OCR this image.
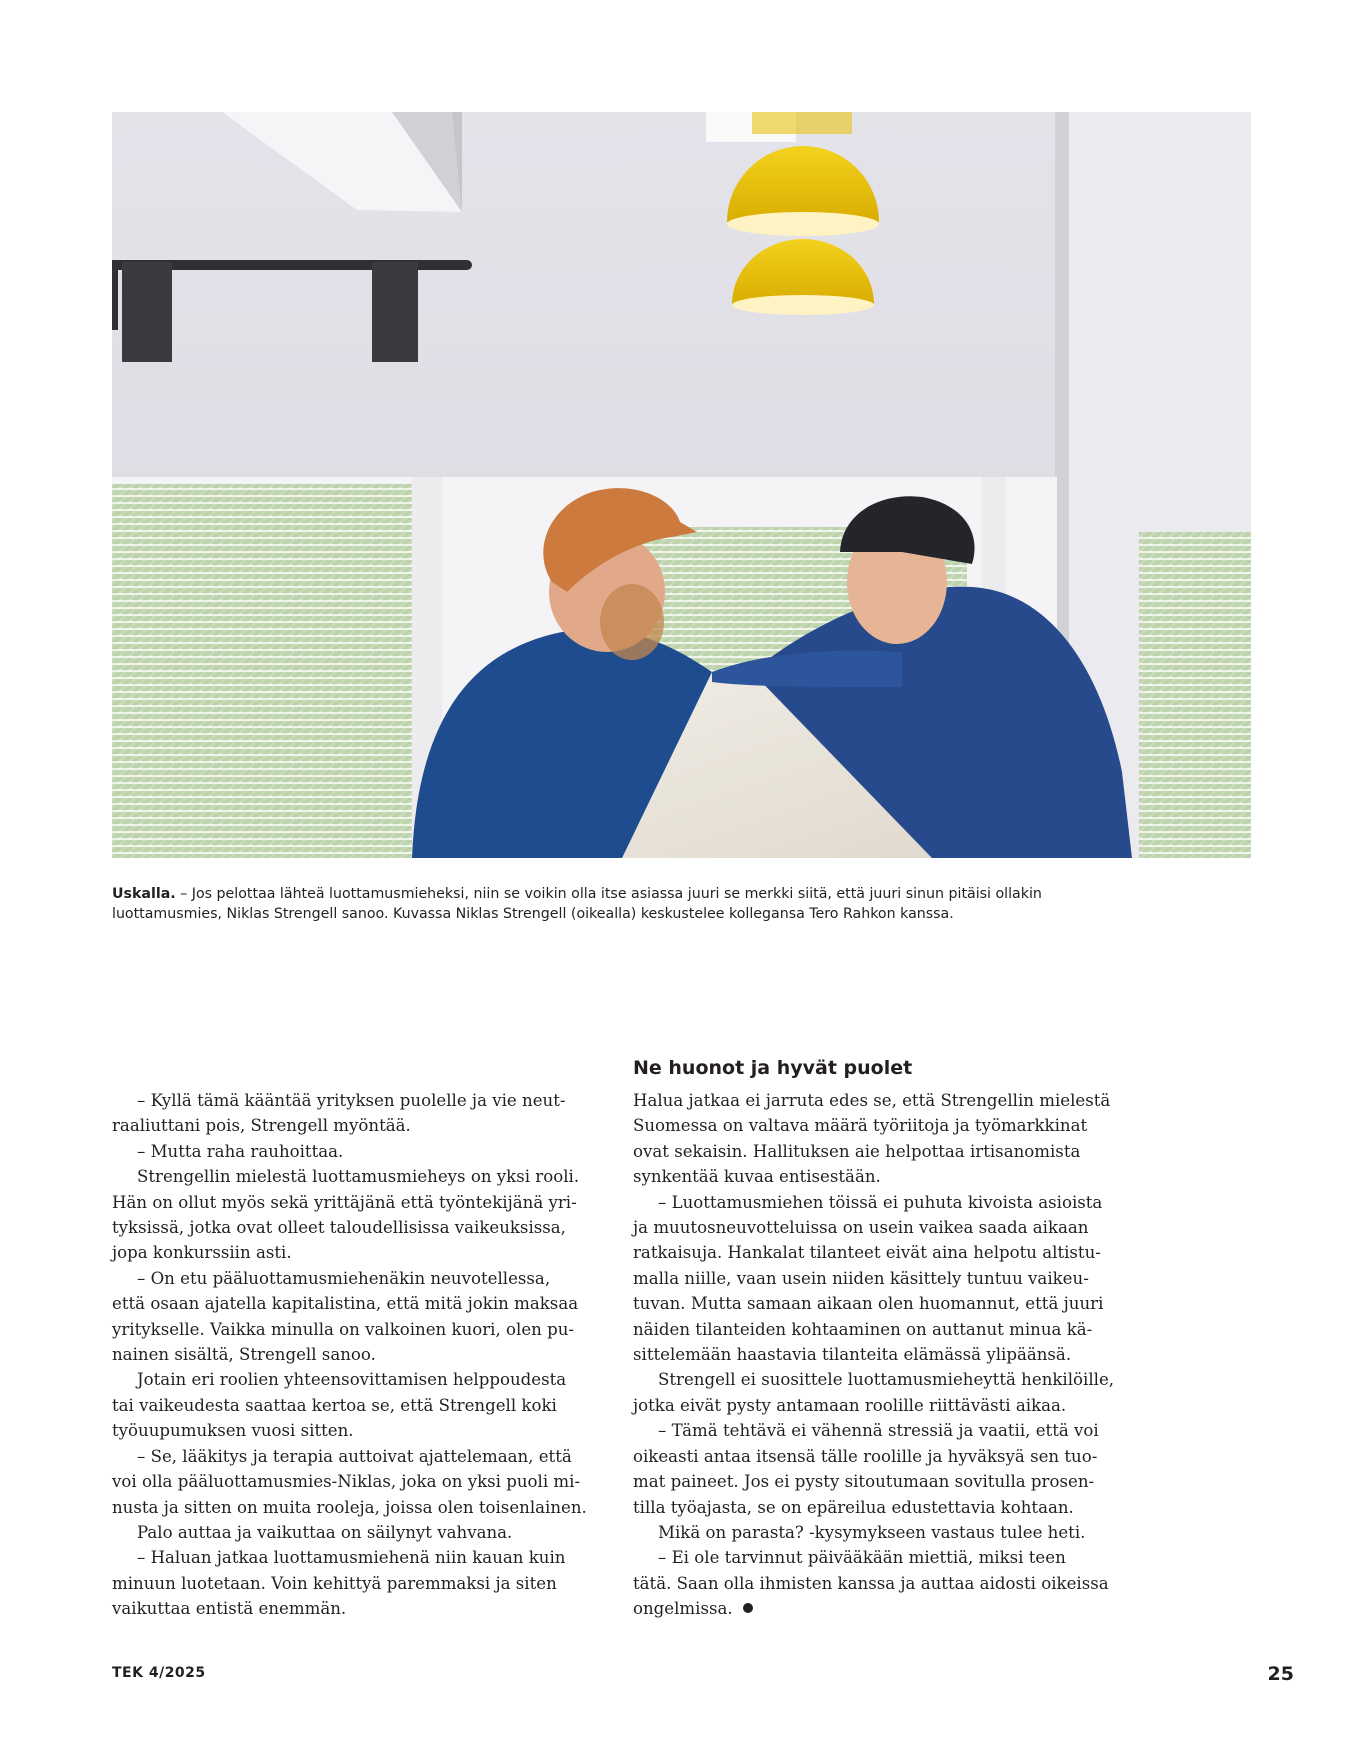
Uskalla. – Jos pelottaa lähteä luottamusmieheksi, niin se voikin olla itse asiassa juuri se merkki siitä, että juuri sinun pitäisi ollakin
luottamusmies, Niklas Strengell sanoo. Kuvassa Niklas Strengell (oikealla) keskustelee kollegansa Tero Rahkon kanssa.
– Kyllä tämä kääntää yrityksen puolelle ja vie neut-
raaliuttani pois, Strengell myöntää.
– Mutta raha rauhoittaa.
Strengellin mielestä luottamusmieheys on yksi rooli.
Hän on ollut myös sekä yrittäjänä että työntekijänä yri-
tyksissä, jotka ovat olleet taloudellisissa vaikeuksissa,
jopa konkurssiin asti.
– On etu pääluottamusmiehenäkin neuvotellessa,
että osaan ajatella kapitalistina, että mitä jokin maksaa
yritykselle. Vaikka minulla on valkoinen kuori, olen pu-
nainen sisältä, Strengell sanoo.
Jotain eri roolien yhteensovittamisen helppoudesta
tai vaikeudesta saattaa kertoa se, että Strengell koki
työuupumuksen vuosi sitten.
– Se, lääkitys ja terapia auttoivat ajattelemaan, että
voi olla pääluottamusmies-Niklas, joka on yksi puoli mi-
nusta ja sitten on muita rooleja, joissa olen toisenlainen.
Palo auttaa ja vaikuttaa on säilynyt vahvana.
– Haluan jatkaa luottamusmiehenä niin kauan kuin
minuun luotetaan. Voin kehittyä paremmaksi ja siten
vaikuttaa entistä enemmän.
Ne huonot ja hyvät puolet
Halua jatkaa ei jarruta edes se, että Strengellin mielestä
Suomessa on valtava määrä työriitoja ja työmarkkinat
ovat sekaisin. Hallituksen aie helpottaa irtisanomista
synkentää kuvaa entisestään.
– Luottamusmiehen töissä ei puhuta kivoista asioista
ja muutosneuvotteluissa on usein vaikea saada aikaan
ratkaisuja. Hankalat tilanteet eivät aina helpotu altistu-
malla niille, vaan usein niiden käsittely tuntuu vaikeu-
tuvan. Mutta samaan aikaan olen huomannut, että juuri
näiden tilanteiden kohtaaminen on auttanut minua kä-
sittelemään haastavia tilanteita elämässä ylipäänsä.
Strengell ei suosittele luottamusmieheyttä henkilöille,
jotka eivät pysty antamaan roolille riittävästi aikaa.
– Tämä tehtävä ei vähennä stressiä ja vaatii, että voi
oikeasti antaa itsensä tälle roolille ja hyväksyä sen tuo-
mat paineet. Jos ei pysty sitoutumaan sovitulla prosen-
tilla työajasta, se on epäreilua edustettavia kohtaan.
Mikä on parasta? -kysymykseen vastaus tulee heti.
– Ei ole tarvinnut päivääkään miettiä, miksi teen
tätä. Saan olla ihmisten kanssa ja auttaa aidosti oikeissa
ongelmissa.
TEK 4/2025	25
